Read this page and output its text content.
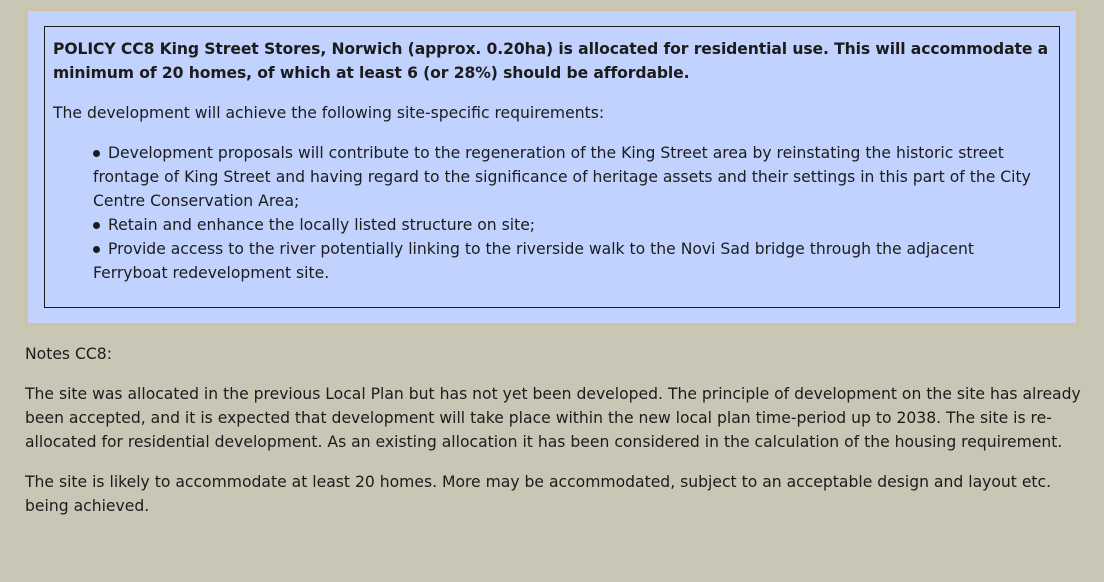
POLICY CC8 King Street Stores, Norwich (approx. 0.20ha) is allocated for residential use. This will accommodate a minimum of 20 homes, of which at least 6 (or 28%) should be affordable.

The development will achieve the following site-specific requirements:

Development proposals will contribute to the regeneration of the King Street area by reinstating the historic street frontage of King Street and having regard to the significance of heritage assets and their settings in this part of the City Centre Conservation Area;
Retain and enhance the locally listed structure on site;
Provide access to the river potentially linking to the riverside walk to the Novi Sad bridge through the adjacent Ferryboat redevelopment site.

Notes CC8:

The site was allocated in the previous Local Plan but has not yet been developed. The principle of development on the site has already been accepted, and it is expected that development will take place within the new local plan time-period up to 2038. The site is re-allocated for residential development. As an existing allocation it has been considered in the calculation of the housing requirement.

The site is likely to accommodate at least 20 homes. More may be accommodated, subject to an acceptable design and layout etc. being achieved.
